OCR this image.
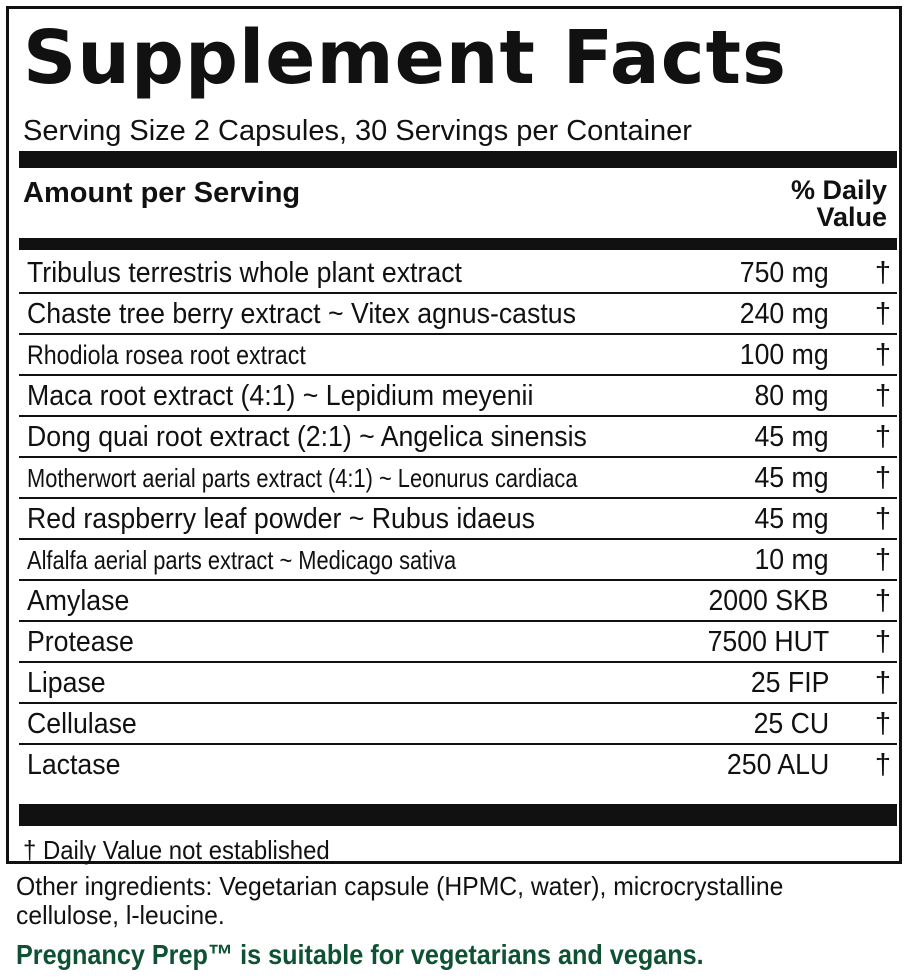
Supplement Facts
Serving Size 2 Capsules, 30 Servings per Container
Amount per Serving	% Daily
Value
Tribulus terrestris whole plant extract	750 mg †
Chaste tree berry extract ~ Vitex agnus-castus	240 mg †
Rhodiola rosea root extract	100 mg †
Maca root extract (4:1) ~ Lepidium meyenii	80 mg †
Dong quai root extract (2:1) ~ Angelica sinensis	45 mg †
Motherwort aerial parts extract (4:1) ~ Leonurus cardiaca	45 mg †
Red raspberry leaf powder ~ Rubus idaeus	45 mg †
Alfalfa aerial parts extract ~ Medicago sativa	10 mg †
Amylase	2000 SKB †
Protease	7500 HUT †
Lipase	25 FIP †
Cellulase	25 CU †
Lactase	250 ALU †
† Daily Value not established
Other ingredients: Vegetarian capsule (HPMC, water), microcrystalline cellulose, l-leucine.
Pregnancy Prep™ is suitable for vegetarians and vegans.
